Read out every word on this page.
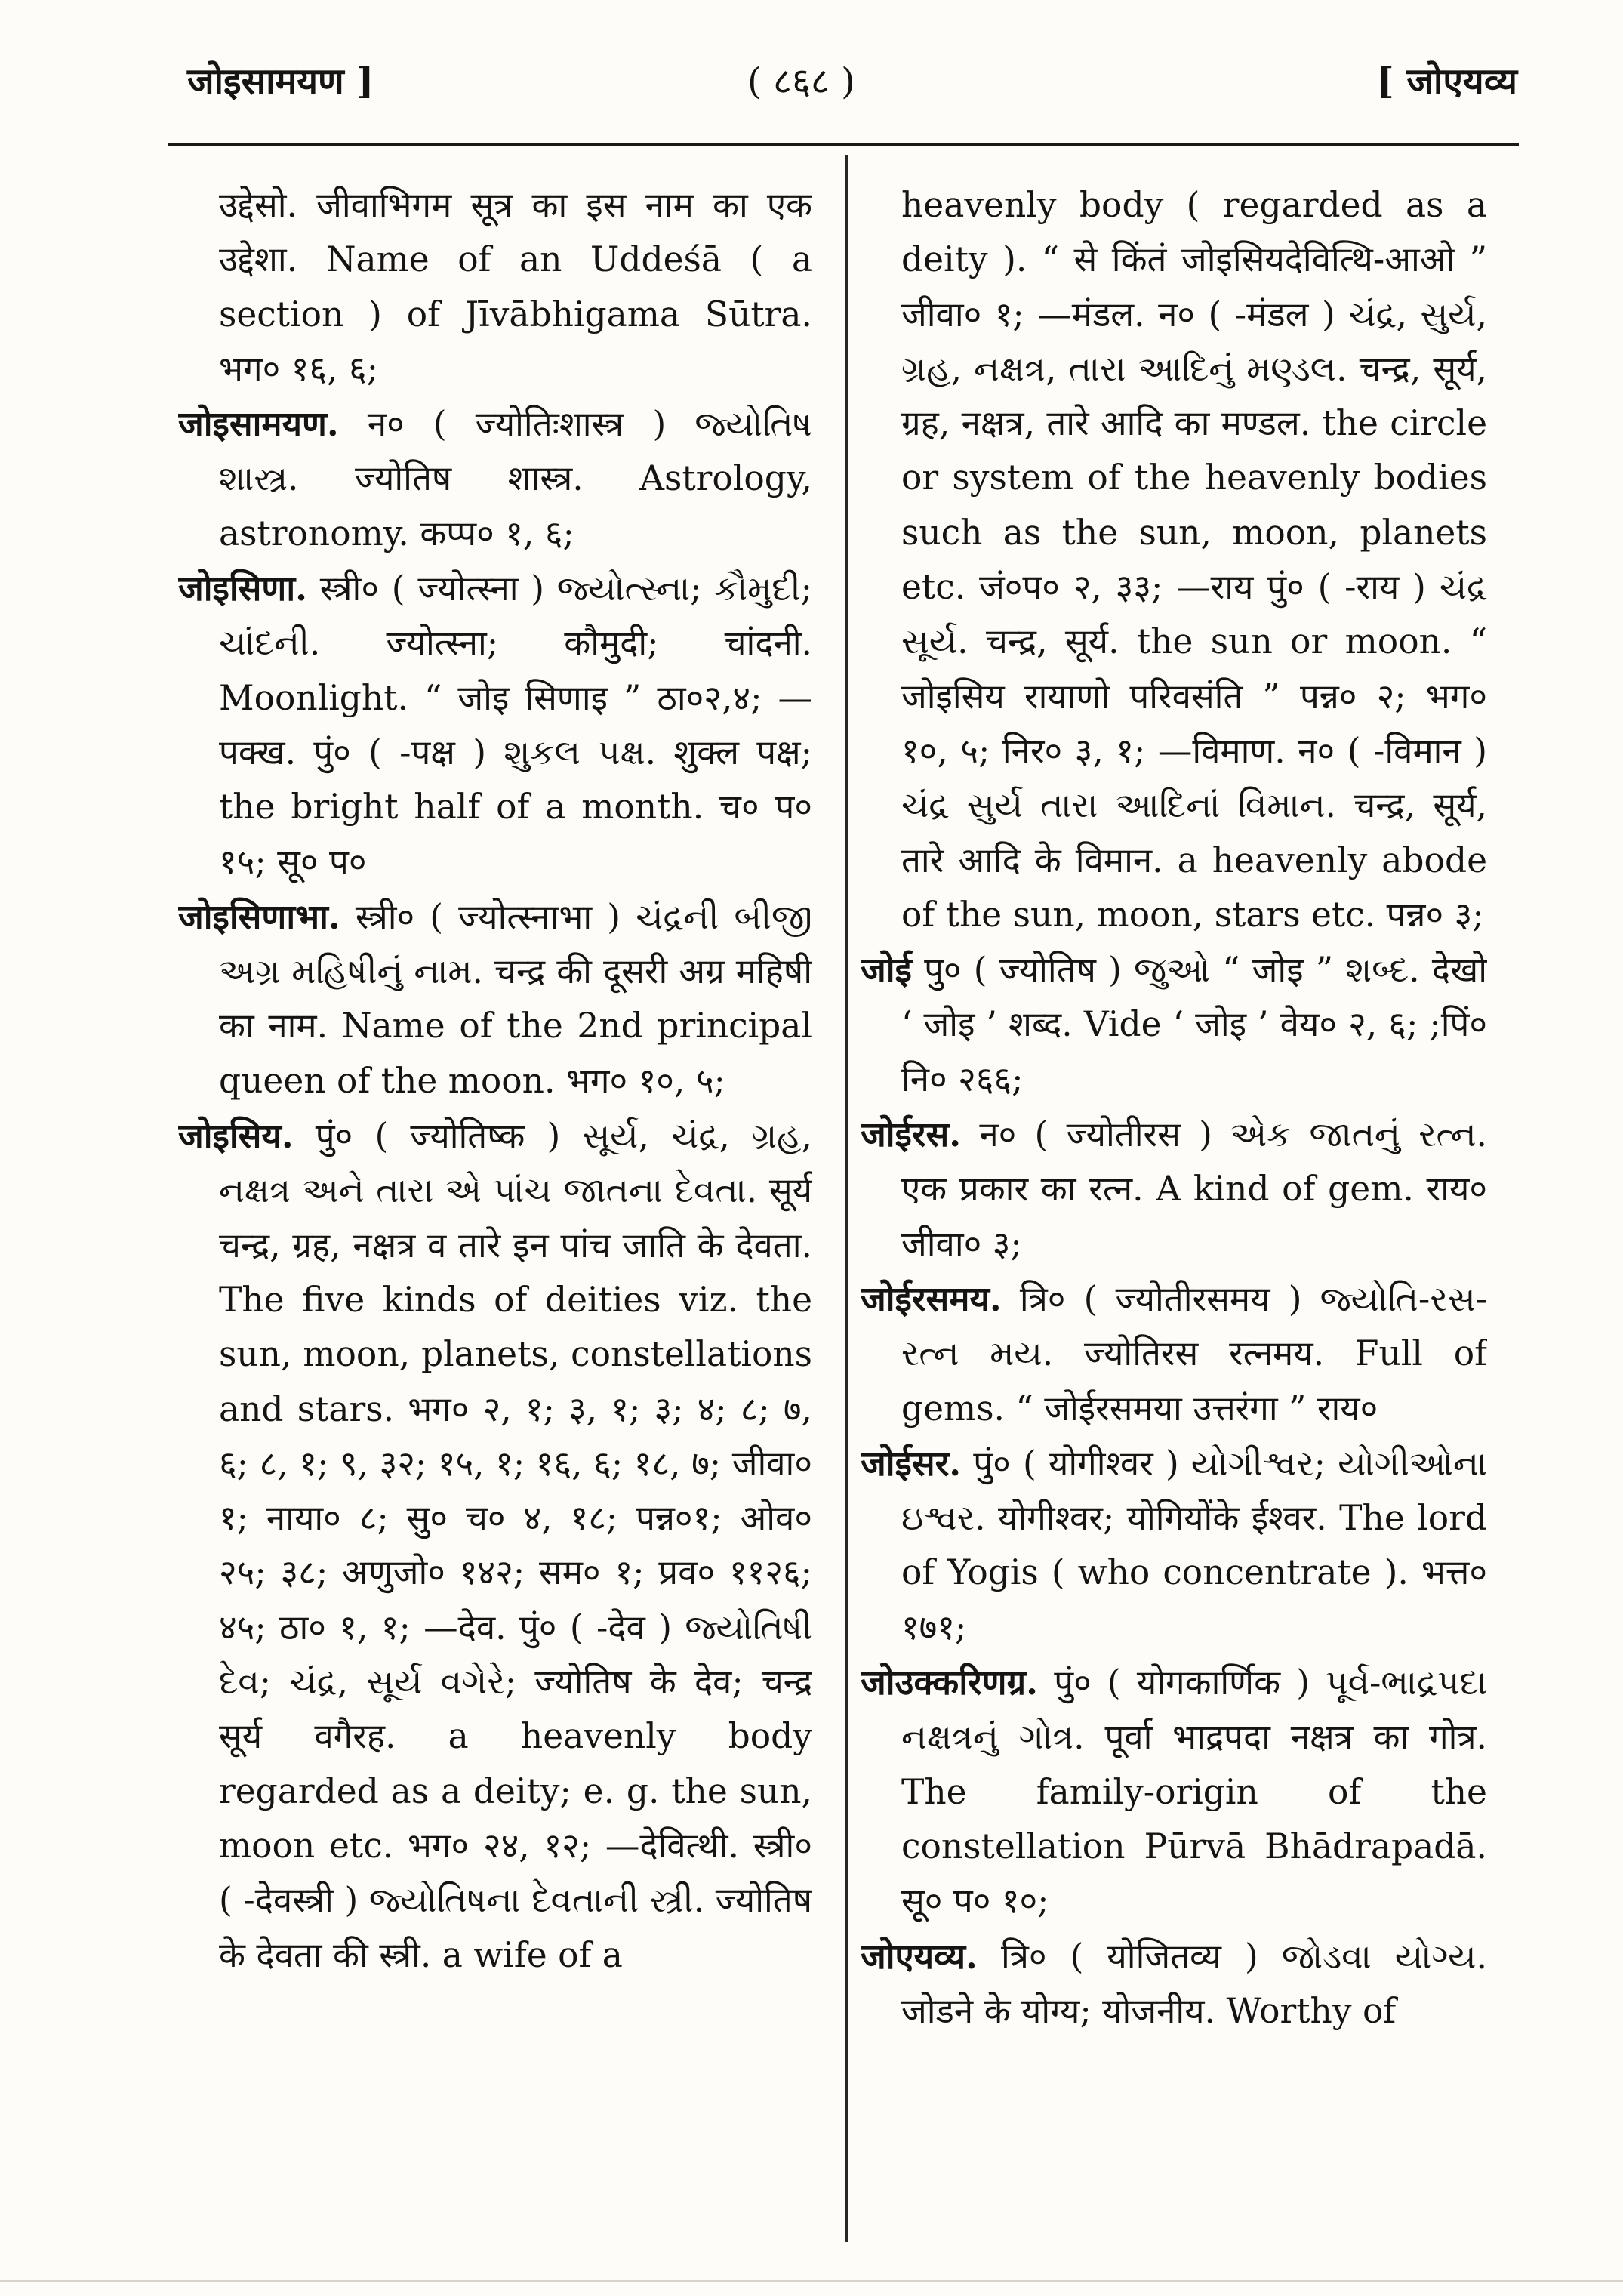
जोइसामयण ]	( ८६८ )	[ जोएयव्य

उद्देसो. जीवाभिगम सूत्र का इस नाम का एक उद्देशा. Name of an Uddeśā ( a section ) of Jīvābhigama Sūtra. भग० १६, ६;

जोइसामयण. न० ( ज्योतिःशास्त्र ) જ્યોતિષ શાસ્ત્ર. ज्योतिष शास्त्र. Astrology, astronomy. कप्प० १, ६;

जोइसिणा. स्त्री० ( ज्योत्स्ना ) જ્યોત્સ્ના; કૌમુદી; ચાંદની. ज्योत्स्ना; कौमुदी; चांदनी. Moonlight. “ जोइ सिणाइ ” ठा०२,४; —पक्ख. पुं० ( -पक्ष ) શુકલ પક્ષ. शुक्ल पक्ष; the bright half of a month. च० प० १५; सू० प०

जोइसिणाभा. स्त्री० ( ज्योत्स्नाभा ) ચંદ્રની બીજી અગ્ર મહિષીનું નામ. चन्द्र की दूसरी अग्र महिषी का नाम. Name of the 2nd principal queen of the moon. भग० १०, ५;

जोइसिय. पुं० ( ज्योतिष्क ) સૂર્ય, ચંદ્ર, ગ્રહ, નક્ષત્ર અને તારા એ પાંચ જાતના દેવતા. सूर्य चन्द्र, ग्रह, नक्षत्र व तारे इन पांच जाति के देवता. The five kinds of deities viz. the sun, moon, planets, constellations and stars. भग० २, १; ३, १; ३; ४; ८; ७, ६; ८, १; ९, ३२; १५, १; १६, ६; १८, ७; जीवा० १; नाया० ८; सु० च० ४, १८; पन्न०१; ओव० २५; ३८; अणुजो० १४२; सम० १; प्रव० ११२६; ४५; ठा० १, १; —देव. पुं० ( -देव ) જ્યોતિષી દેવ; ચંદ્ર, સૂર્ય વગેરે; ज्योतिष के देव; चन्द्र सूर्य वगैरह. a heavenly body regarded as a deity; e. g. the sun, moon etc. भग० २४, १२; —देवित्थी. स्त्री० ( -देवस्त्री ) જ્યોતિષના દેવતાની સ્ત્રી. ज्योतिष के देवता की स्त्री. a wife of a

heavenly body ( regarded as a deity ). “ से किंतं जोइसियदेवित्थि-आओ ” जीवा० १; —मंडल. न० ( -मंडल ) ચંદ્ર, સુર્ય, ગ્રહ, નક્ષત્ર, તારા આદિનું મણ્ડલ. चन्द्र, सूर्य, ग्रह, नक्षत्र, तारे आदि का मण्डल. the circle or system of the heavenly bodies such as the sun, moon, planets etc. जं०प० २, ३३; —राय पुं० ( -राय ) ચંદ્ર સૂર્ય. चन्द्र, सूर्य. the sun or moon. “ जोइसिय रायाणो परिवसंति ” पन्न० २; भग० १०, ५; निर० ३, १; —विमाण. न० ( -विमान ) ચંદ્ર સુર્ય તારા આદિનાં વિમાન. चन्द्र, सूर्य, तारे आदि के विमान. a heavenly abode of the sun, moon, stars etc. पन्न० ३;

जोई पु० ( ज्योतिष ) જુઓ “ जोइ ” શબ્દ. देखो ‘ जोइ ’ शब्द. Vide ‘ जोइ ’ वेय० २, ६; ;पिं० नि० २६६;

जोईरस. न० ( ज्योतीरस ) એક જાતનું રત્ન. एक प्रकार का रत्न. A kind of gem. राय० जीवा० ३;

जोईरसमय. त्रि० ( ज्योतीरसमय ) જ્યોતિ-રસ-રત્ન મય. ज्योतिरस रत्नमय. Full of gems. “ जोईरसमया उत्तरंगा ” राय०

जोईसर. पुं० ( योगीश्वर ) યોગીશ્વર; યોગીઓના ઇશ્વર. योगीश्वर; योगियोंके ईश्वर. The lord of Yogis ( who concentrate ). भत्त० १७१;

जोउक्करिणग्र. पुं० ( योगकार्णिक ) પૂર્વ-ભાદ્રપદા નક્ષત્રનું ગોત્ર. पूर्वा भाद्रपदा नक्षत्र का गोत्र. The family-origin of the constellation Pūrvā Bhādrapadā. सू० प० १०;

जोएयव्य. त्रि० ( योजितव्य ) જોડવા યોગ્ય. जोडने के योग्य; योजनीय. Worthy of
